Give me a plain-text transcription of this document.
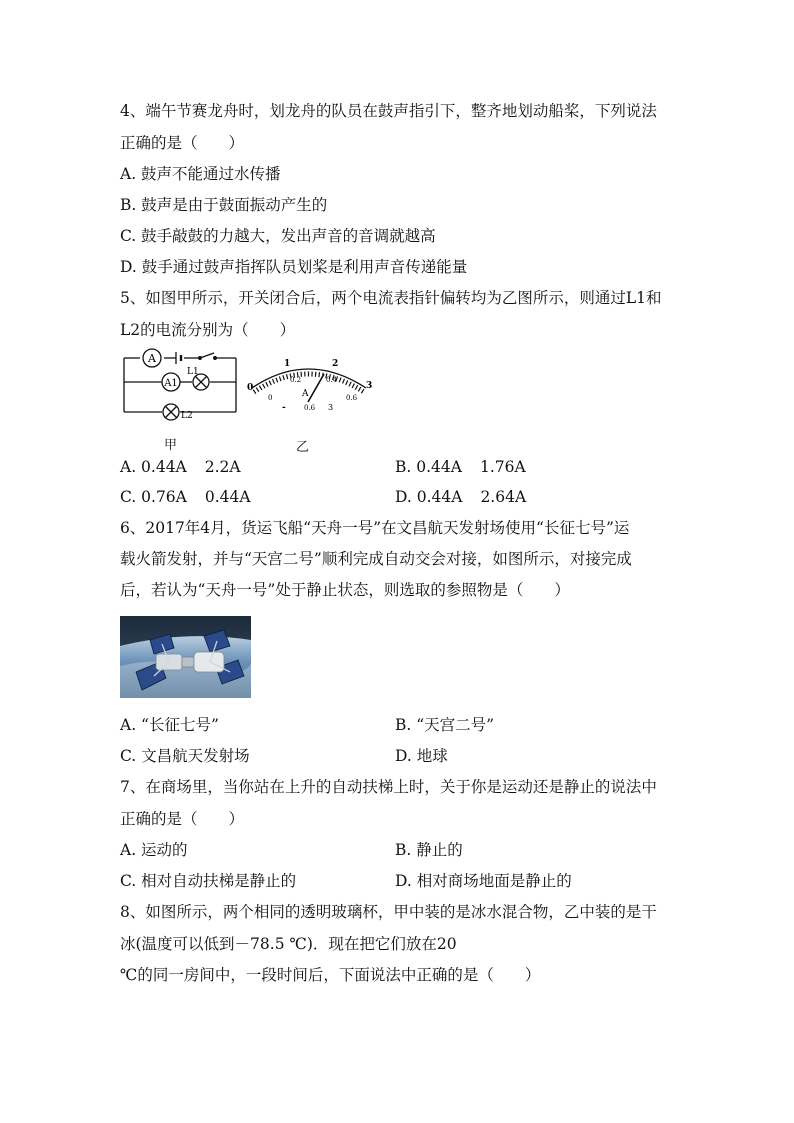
4、端午节赛龙舟时，划龙舟的队员在鼓声指引下，整齐地划动船桨，下列说法
正确的是（　　）
A. 鼓声不能通过水传播
B. 鼓声是由于鼓面振动产生的
C. 鼓手敲鼓的力越大，发出声音的音调就越高
D. 鼓手通过鼓声指挥队员划桨是利用声音传递能量
5、如图甲所示，开关闭合后，两个电流表指针偏转均为乙图所示，则通过L1和
L2的电流分别为（　　）
A
A1
L1
L2
甲
0
1	2
3
0
0.2	0.4
0.6
A
-	0.6 3
乙
A. 0.44A 2.2A	B. 0.44A 1.76A
C. 0.76A 0.44A	D. 0.44A 2.64A
6、2017年4月，货运飞船“天舟一号”在文昌航天发射场使用“长征七号”运
载火箭发射，并与“天宫二号”顺利完成自动交会对接，如图所示，对接完成
后，若认为“天舟一号”处于静止状态，则选取的参照物是（　　）
A. “长征七号”	B. “天宫二号”
C. 文昌航天发射场	D. 地球
7、在商场里，当你站在上升的自动扶梯上时，关于你是运动还是静止的说法中
正确的是（　　）
A. 运动的	B. 静止的
C. 相对自动扶梯是静止的	D. 相对商场地面是静止的
8、如图所示，两个相同的透明玻璃杯，甲中装的是冰水混合物，乙中装的是干
冰(温度可以低到－78.5 ℃)．现在把它们放在20
℃的同一房间中，一段时间后，下面说法中正确的是（　　）
